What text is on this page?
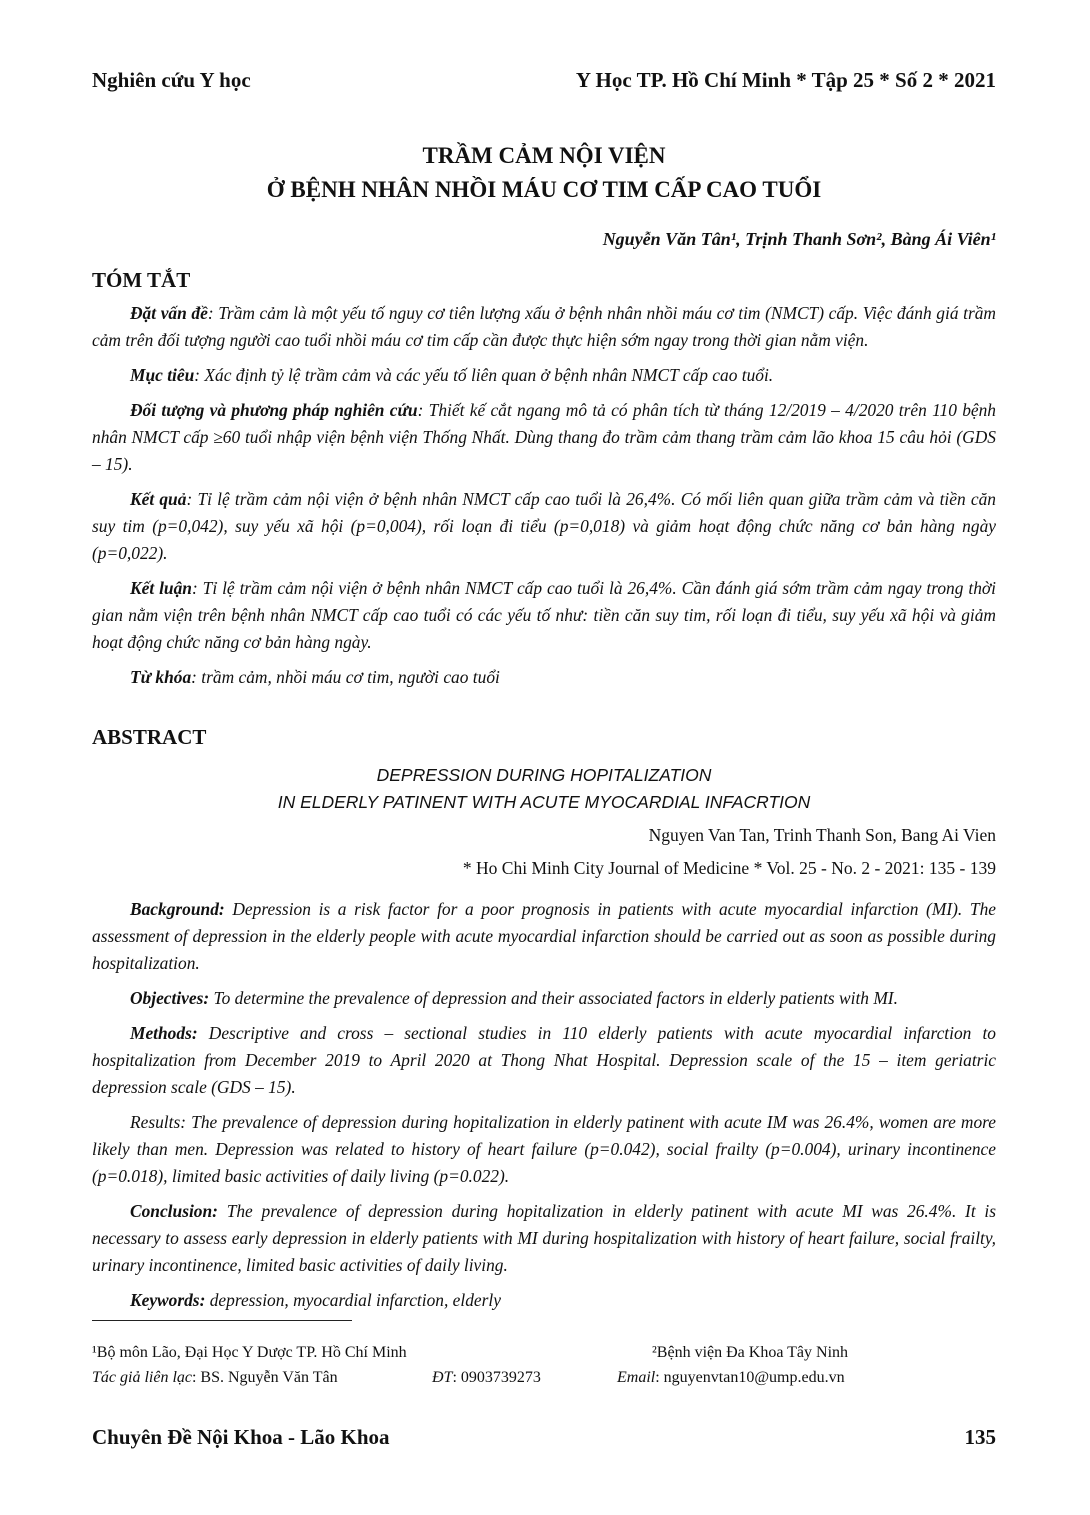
Nghiên cứu Y học	Y Học TP. Hồ Chí Minh * Tập 25 * Số 2 * 2021
TRẦM CẢM NỘI VIỆN
Ở BỆNH NHÂN NHỒI MÁU CƠ TIM CẤP CAO TUỔI
Nguyễn Văn Tân¹, Trịnh Thanh Sơn², Bàng Ái Viên¹
TÓM TẮT

Đặt vấn đề: Trầm cảm là một yếu tố nguy cơ tiên lượng xấu ở bệnh nhân nhồi máu cơ tim (NMCT) cấp. Việc đánh giá trầm cảm trên đối tượng người cao tuổi nhồi máu cơ tim cấp cần được thực hiện sớm ngay trong thời gian nằm viện.

Mục tiêu: Xác định tỷ lệ trầm cảm và các yếu tố liên quan ở bệnh nhân NMCT cấp cao tuổi.

Đối tượng và phương pháp nghiên cứu: Thiết kế cắt ngang mô tả có phân tích từ tháng 12/2019 – 4/2020 trên 110 bệnh nhân NMCT cấp ≥60 tuổi nhập viện bệnh viện Thống Nhất. Dùng thang đo trầm cảm thang trầm cảm lão khoa 15 câu hỏi (GDS – 15).

Kết quả: Tỉ lệ trầm cảm nội viện ở bệnh nhân NMCT cấp cao tuổi là 26,4%. Có mối liên quan giữa trầm cảm và tiền căn suy tim (p=0,042), suy yếu xã hội (p=0,004), rối loạn đi tiểu (p=0,018) và giảm hoạt động chức năng cơ bản hàng ngày (p=0,022).

Kết luận: Tỉ lệ trầm cảm nội viện ở bệnh nhân NMCT cấp cao tuổi là 26,4%. Cần đánh giá sớm trầm cảm ngay trong thời gian nằm viện trên bệnh nhân NMCT cấp cao tuổi có các yếu tố như: tiền căn suy tim, rối loạn đi tiểu, suy yếu xã hội và giảm hoạt động chức năng cơ bản hàng ngày.

Từ khóa: trầm cảm, nhồi máu cơ tim, người cao tuổi

ABSTRACT
DEPRESSION DURING HOPITALIZATION
IN ELDERLY PATINENT WITH ACUTE MYOCARDIAL INFACRTION
Nguyen Van Tan, Trinh Thanh Son, Bang Ai Vien
* Ho Chi Minh City Journal of Medicine * Vol. 25 - No. 2 - 2021: 135 - 139

Background: Depression is a risk factor for a poor prognosis in patients with acute myocardial infarction (MI). The assessment of depression in the elderly people with acute myocardial infarction should be carried out as soon as possible during hospitalization.

Objectives: To determine the prevalence of depression and their associated factors in elderly patients with MI.

Methods: Descriptive and cross – sectional studies in 110 elderly patients with acute myocardial infarction to hospitalization from December 2019 to April 2020 at Thong Nhat Hospital. Depression scale of the 15 – item geriatric depression scale (GDS – 15).

Results: The prevalence of depression during hopitalization in elderly patinent with acute IM was 26.4%, women are more likely than men. Depression was related to history of heart failure (p=0.042), social frailty (p=0.004), urinary incontinence (p=0.018), limited basic activities of daily living (p=0.022).

Conclusion: The prevalence of depression during hopitalization in elderly patinent with acute MI was 26.4%. It is necessary to assess early depression in elderly patients with MI during hospitalization with history of heart failure, social frailty, urinary incontinence, limited basic activities of daily living.

Keywords: depression, myocardial infarction, elderly

¹Bộ môn Lão, Đại Học Y Dược TP. Hồ Chí Minh	²Bệnh viện Đa Khoa Tây Ninh
Tác giả liên lạc: BS. Nguyễn Văn Tân	ĐT: 0903739273	Email: nguyenvtan10@ump.edu.vn
Chuyên Đề Nội Khoa - Lão Khoa	135
